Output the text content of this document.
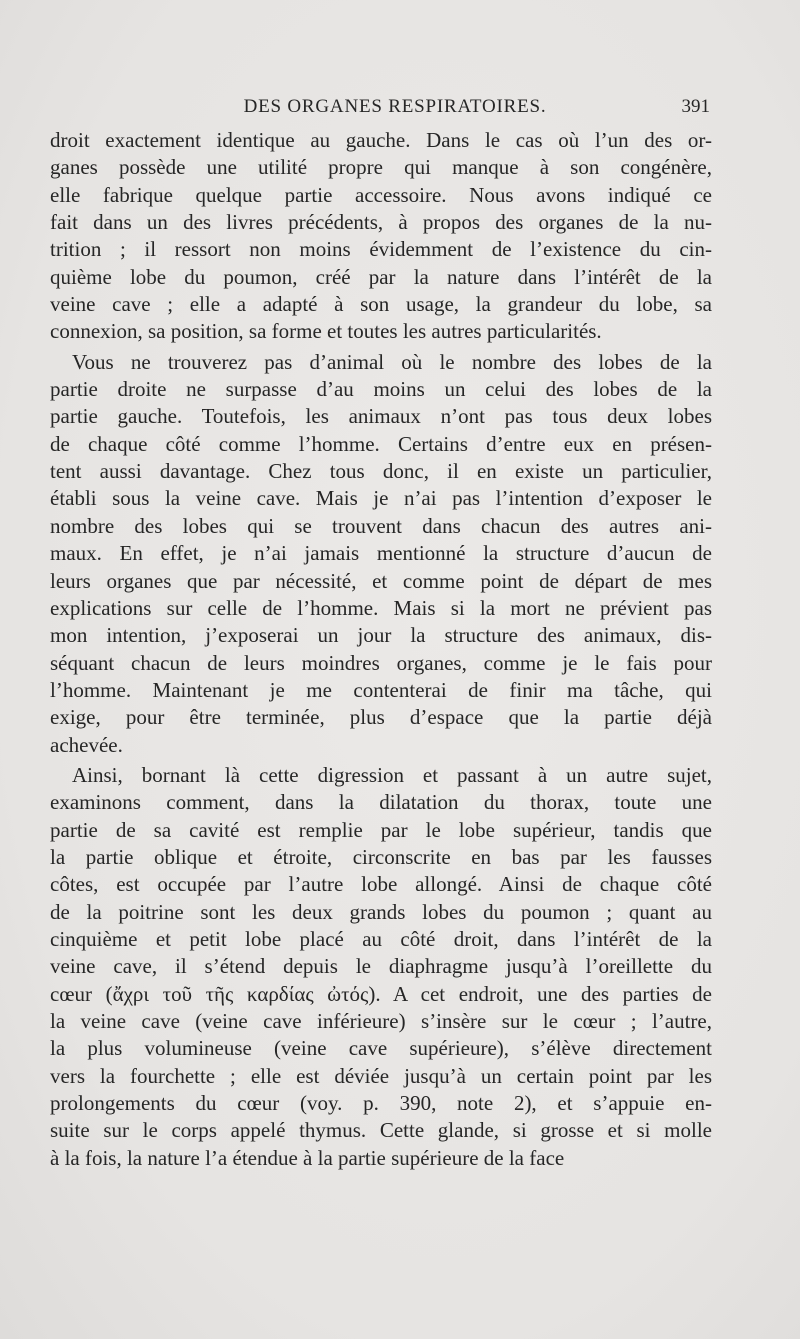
DES ORGANES RESPIRATOIRES.	391
droit exactement identique au gauche. Dans le cas où l’un des or-
ganes possède une utilité propre qui manque à son congénère,
elle fabrique quelque partie accessoire. Nous avons indiqué ce
fait dans un des livres précédents, à propos des organes de la nu-
trition ; il ressort non moins évidemment de l’existence du cin-
quième lobe du poumon, créé par la nature dans l’intérêt de la
veine cave ; elle a adapté à son usage, la grandeur du lobe, sa
connexion, sa position, sa forme et toutes les autres particularités.
Vous ne trouverez pas d’animal où le nombre des lobes de la
partie droite ne surpasse d’au moins un celui des lobes de la
partie gauche. Toutefois, les animaux n’ont pas tous deux lobes
de chaque côté comme l’homme. Certains d’entre eux en présen-
tent aussi davantage. Chez tous donc, il en existe un particulier,
établi sous la veine cave. Mais je n’ai pas l’intention d’exposer le
nombre des lobes qui se trouvent dans chacun des autres ani-
maux. En effet, je n’ai jamais mentionné la structure d’aucun de
leurs organes que par nécessité, et comme point de départ de mes
explications sur celle de l’homme. Mais si la mort ne prévient pas
mon intention, j’exposerai un jour la structure des animaux, dis-
séquant chacun de leurs moindres organes, comme je le fais pour
l’homme. Maintenant je me contenterai de finir ma tâche, qui
exige, pour être terminée, plus d’espace que la partie déjà
achevée.
Ainsi, bornant là cette digression et passant à un autre sujet,
examinons comment, dans la dilatation du thorax, toute une
partie de sa cavité est remplie par le lobe supérieur, tandis que
la partie oblique et étroite, circonscrite en bas par les fausses
côtes, est occupée par l’autre lobe allongé. Ainsi de chaque côté
de la poitrine sont les deux grands lobes du poumon ; quant au
cinquième et petit lobe placé au côté droit, dans l’intérêt de la
veine cave, il s’étend depuis le diaphragme jusqu’à l’oreillette du
cœur (ἄχρι τοῦ τῆς καρδίας ὠτός). A cet endroit, une des parties de
la veine cave (veine cave inférieure) s’insère sur le cœur ; l’autre,
la plus volumineuse (veine cave supérieure), s’élève directement
vers la fourchette ; elle est déviée jusqu’à un certain point par les
prolongements du cœur (voy. p. 390, note 2), et s’appuie en-
suite sur le corps appelé thymus. Cette glande, si grosse et si molle
à la fois, la nature l’a étendue à la partie supérieure de la face
